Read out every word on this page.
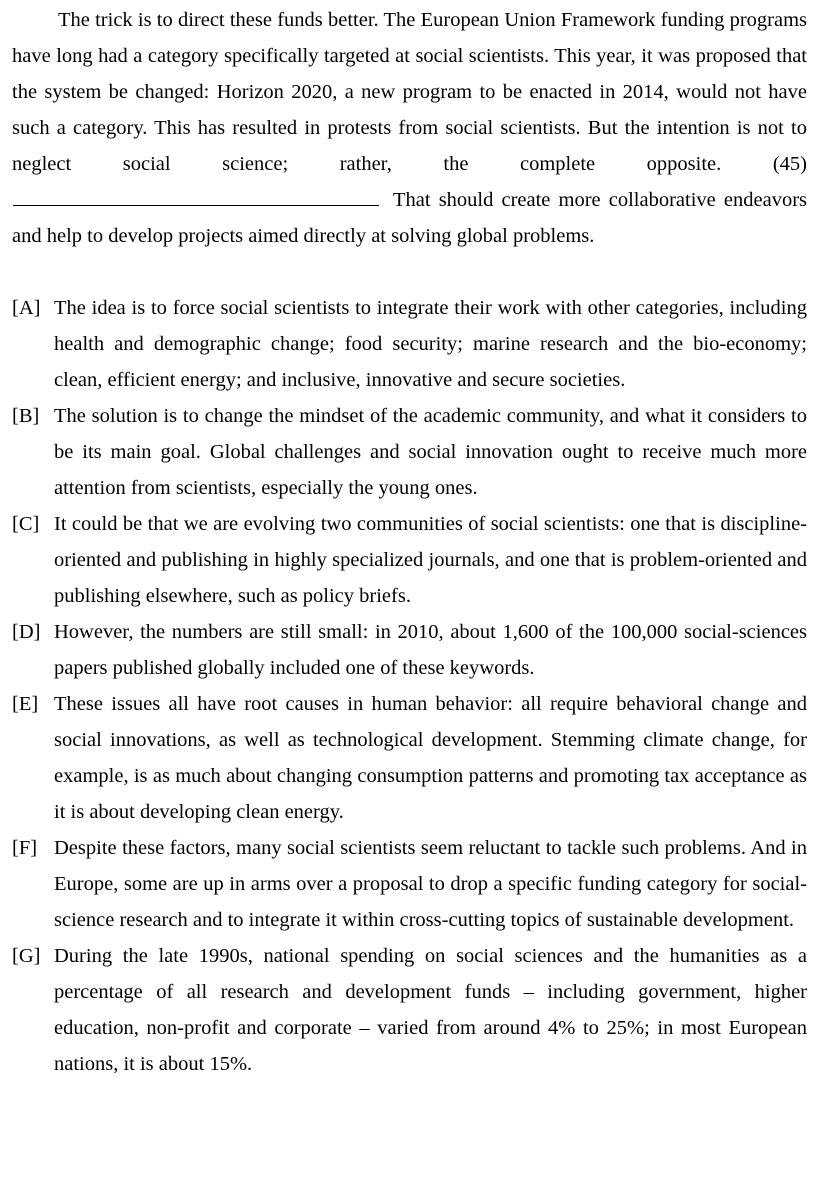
The trick is to direct these funds better. The European Union Framework funding programs have long had a category specifically targeted at social scientists. This year, it was proposed that the system be changed: Horizon 2020, a new program to be enacted in 2014, would not have such a category. This has resulted in protests from social scientists. But the intention is not to neglect social science; rather, the complete opposite.	(45)That should create more collaborative endeavors and help to develop projects aimed directly at solving global problems.

[A] The idea is to force social scientists to integrate their work with other categories, including health and demographic change; food security; marine research and the bio-economy; clean, efficient energy; and inclusive, innovative and secure societies.
[B] The solution is to change the mindset of the academic community, and what it considers to be its main goal. Global challenges and social innovation ought to receive much more attention from scientists, especially the young ones.
[C] It could be that we are evolving two communities of social scientists: one that is discipline-oriented and publishing in highly specialized journals, and one that is problem-oriented and publishing elsewhere, such as policy briefs.
[D] However, the numbers are still small: in 2010, about 1,600 of the 100,000 social-sciences papers published globally included one of these keywords.
[E] These issues all have root causes in human behavior: all require behavioral change and social innovations, as well as technological development. Stemming climate change, for example, is as much about changing consumption patterns and promoting tax acceptance as it is about developing clean energy.
[F] Despite these factors, many social scientists seem reluctant to tackle such problems. And in Europe, some are up in arms over a proposal to drop a specific funding category for social-science research and to integrate it within cross-cutting topics of sustainable development.
[G] During the late 1990s, national spending on social sciences and the humanities as a percentage of all research and development funds – including government, higher education, non-profit and corporate – varied from around 4% to 25%; in most European nations, it is about 15%.
